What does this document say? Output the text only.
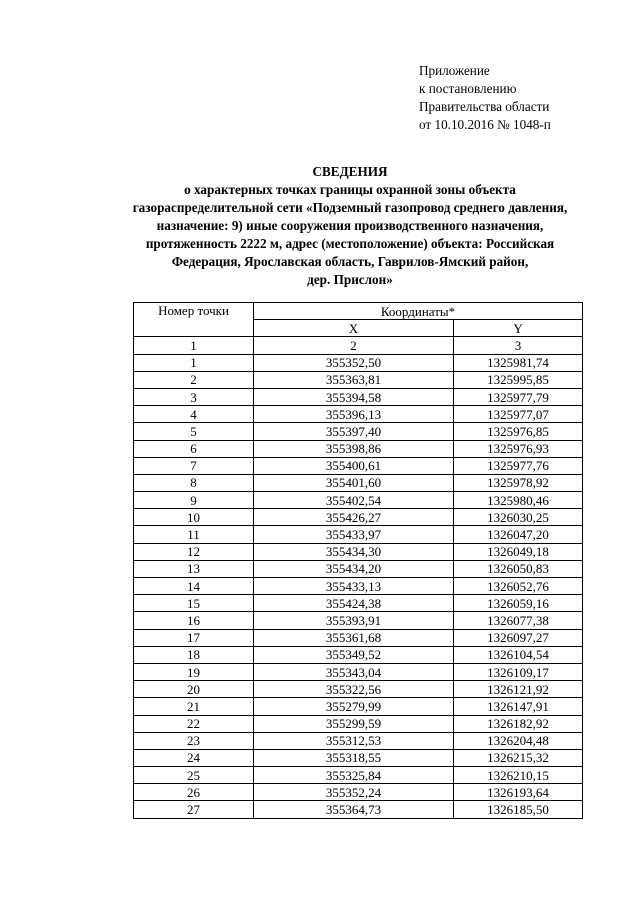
Приложение
к постановлению
Правительства области
от 10.10.2016 № 1048-п
СВЕДЕНИЯ
о характерных точках границы охранной зоны объекта
газораспределительной сети «Подземный газопровод среднего давления,
назначение: 9) иные сооружения производственного назначения,
протяженность 2222 м, адрес (местоположение) объекта: Российская
Федерация, Ярославская область, Гаврилов-Ямский район,
дер. Прислон»
Номер точки	Координаты*	
	X	Y
1	2	3
1	355352,50	1325981,74
2	355363,81	1325995,85
3	355394,58	1325977,79
4	355396,13	1325977,07
5	355397,40	1325976,85
6	355398,86	1325976,93
7	355400,61	1325977,76
8	355401,60	1325978,92
9	355402,54	1325980,46
10	355426,27	1326030,25
11	355433,97	1326047,20
12	355434,30	1326049,18
13	355434,20	1326050,83
14	355433,13	1326052,76
15	355424,38	1326059,16
16	355393,91	1326077,38
17	355361,68	1326097,27
18	355349,52	1326104,54
19	355343,04	1326109,17
20	355322,56	1326121,92
21	355279,99	1326147,91
22	355299,59	1326182,92
23	355312,53	1326204,48
24	355318,55	1326215,32
25	355325,84	1326210,15
26	355352,24	1326193,64
27	355364,73	1326185,50
